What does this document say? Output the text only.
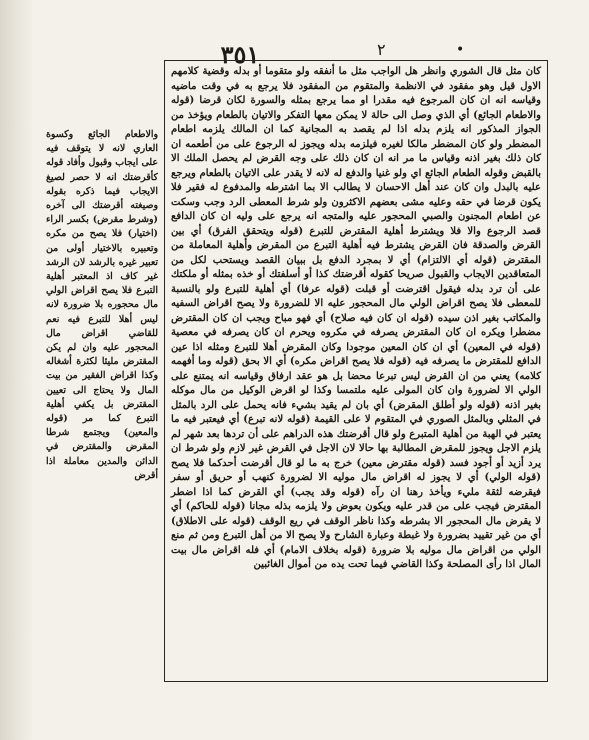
٣٥١	٢	•

كان مثل قال الشوري وانظر هل الواجب مثل ما أنفقه ولو متقوما أو بدله وقضية كلامهم الاول قيل وهو مفقود في الانظمة والمتقوم من المفقود فلا يرجع به في وقت ماضيه وقياسه انه ان كان المرجوع فيه مقدرا او مما يرجع بمثله والسورة لكان قرضا (قوله والاطعام الجائع) أي الذي وصل الى حالة لا يمكن معها التفكر والاتيان بالطعام ويؤخذ من الجواز المذكور انه يلزم بدله اذا لم يقصد به المجانية كما ان المالك يلزمه اطعام المضطر ولو كان المضطر مالكا لغيره فيلزمه بدله ويجوز له الرجوع على من أطعمه ان كان ذلك بغير اذنه وقياس ما مر انه ان كان ذلك على وجه القرض لم يحصل الملك الا بالقبض وقوله الطعام الجائع اي ولو غنيا والدفع له لانه لا يقدر على الاتيان بالطعام ويرجع عليه بالبدل وان كان عند أهل الاحسان لا يطالب الا بما اشترطه والمدفوع له فقير فلا يكون قرضا في حقه وعليه مشى بعضهم الاكثرون ولو شرط المعطى الرد وجب وسكت عن اطعام المجنون والصبي المحجور عليه والمتجه انه يرجع على وليه ان كان الدافع قصد الرجوع والا فلا ويشترط أهلية المقترض للتبرع (قوله ويتحقق الفرق) أي بين القرض والصدقة فان القرض يشترط فيه أهلية التبرع من المقرض وأهلية المعاملة من المقترض (قوله أي الالتزام) أي لا بمجرد الدفع بل ببيان القصد ويستحب لكل من المتعاقدين الايجاب والقبول صريحا كقوله أقرضتك كذا أو أسلفتك أو خذه بمثله أو ملكتك على أن ترد بدله فيقول اقترضت أو قبلت (قوله عرفا) أي أهلية للتبرع ولو بالنسبة للمعطى فلا يصح اقراض الولي مال المحجور عليه الا للضرورة ولا يصح اقراض السفيه والمكاتب بغير اذن سيده (قوله ان كان فيه صلاح) أي فهو مباح ويجب ان كان المقترض مضطرا ويكره ان كان المقترض يصرفه في مكروه ويحرم ان كان يصرفه في معصية (قوله في المعين) أي ان كان المعين موجودا وكان المقرض أهلا للتبرع ومثله اذا عين الدافع للمقترض ما يصرفه فيه (قوله فلا يصح اقراض مكره) أي الا بحق (قوله وما أفهمه كلامه) يعني من ان القرض ليس تبرعا محضا بل هو عقد ارفاق وقياسه انه يمتنع على الولي الا لضرورة وان كان المولى عليه ملتمسا وكذا لو اقرض الوكيل من مال موكله بغير اذنه (قوله ولو أطلق المقرض) أي بان لم يقيد بشيء فانه يحمل على الرد بالمثل في المثلي وبالمثل الصوري في المتقوم لا على القيمة (قوله لانه تبرع) أي فيعتبر فيه ما يعتبر في الهبة من أهلية المتبرع ولو قال أقرضتك هذه الدراهم على أن تردها بعد شهر لم يلزم الاجل ويجوز للمقرض المطالبة بها حالا لان الاجل في القرض غير لازم ولو شرط ان يرد أزيد أو أجود فسد (قوله مقترض معين) خرج به ما لو قال أقرضت أحدكما فلا يصح (قوله الولي) أي لا يجوز له اقراض مال موليه الا لضرورة كنهب أو حريق أو سفر فيقرضه لثقة مليء ويأخذ رهنا ان رآه (قوله وقد يجب) أي القرض كما اذا اضطر المقترض فيجب على من قدر عليه ويكون بعوض ولا يلزمه بذله مجانا (قوله للحاكم) أي لا يقرض مال المحجور الا بشرطه وكذا ناظر الوقف في ريع الوقف (قوله على الاطلاق) أي من غير تقييد بضرورة ولا غبطة وعبارة الشارح ولا يصح الا من أهل التبرع ومن ثم منع الولي من اقراض مال موليه بلا ضرورة (قوله بخلاف الامام) أي فله اقراض مال بيت المال اذا رأى المصلحة وكذا القاضي فيما تحت يده من أموال الغائبين

والاطعام الجائع وكسوة العاري لانه لا يتوقف فيه على ايجاب وقبول وأفاد قوله كأقرضتك انه لا حصر لصيغ الايجاب فيما ذكره بقوله وصيغته أقرضتك الى آخره (وشرط مقرض) بكسر الراء (اختيار) فلا يصح من مكره وتعبيره بالاختيار أولى من تعبير غيره بالرشد لان الرشد غير كاف اذ المعتبر أهلية التبرع فلا يصح اقراض الولي مال محجوره بلا ضرورة لانه ليس أهلا للتبرع فيه نعم للقاضي اقراض مال المحجور عليه وان لم يكن المقترض مليئا لكثرة أشغاله وكذا اقراض الفقير من بيت المال ولا يحتاج الى تعيين المقترض بل يكفي أهلية التبرع كما مر (قوله والمعين) ويجتمع شرطا المقرض والمقترض في الدائن والمدين معاملة اذا أقرض
